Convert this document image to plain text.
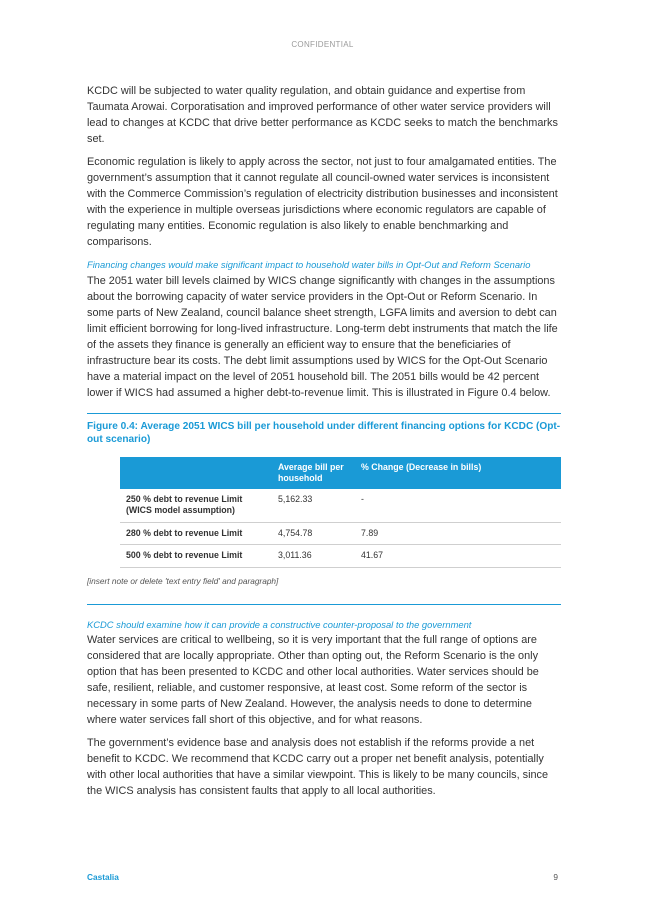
CONFIDENTIAL

KCDC will be subjected to water quality regulation, and obtain guidance and expertise from Taumata Arowai. Corporatisation and improved performance of other water service providers will lead to changes at KCDC that drive better performance as KCDC seeks to match the benchmarks set.

Economic regulation is likely to apply across the sector, not just to four amalgamated entities. The government’s assumption that it cannot regulate all council-owned water services is inconsistent with the Commerce Commission’s regulation of electricity distribution businesses and inconsistent with the experience in multiple overseas jurisdictions where economic regulators are capable of regulating many entities. Economic regulation is also likely to enable benchmarking and comparisons.

Financing changes would make significant impact to household water bills in Opt-Out and Reform Scenario

The 2051 water bill levels claimed by WICS change significantly with changes in the assumptions about the borrowing capacity of water service providers in the Opt-Out or Reform Scenario. In some parts of New Zealand, council balance sheet strength, LGFA limits and aversion to debt can limit efficient borrowing for long-lived infrastructure. Long-term debt instruments that match the life of the assets they finance is generally an efficient way to ensure that the beneficiaries of infrastructure bear its costs. The debt limit assumptions used by WICS for the Opt-Out Scenario have a material impact on the level of 2051 household bill. The 2051 bills would be 42 percent lower if WICS had assumed a higher debt-to-revenue limit. This is illustrated in Figure 0.4 below.

Figure 0.4: Average 2051 WICS bill per household under different financing options for KCDC (Opt-out scenario)
	Average bill per household	% Change (Decrease in bills)
250 % debt to revenue Limit (WICS model assumption)	5,162.33	-
280 % debt to revenue Limit	4,754.78	7.89
500 % debt to revenue Limit	3,011.36	41.67
[insert note or delete 'text entry field' and paragraph]
KCDC should examine how it can provide a constructive counter-proposal to the government

Water services are critical to wellbeing, so it is very important that the full range of options are considered that are locally appropriate. Other than opting out, the Reform Scenario is the only option that has been presented to KCDC and other local authorities. Water services should be safe, resilient, reliable, and customer responsive, at least cost. Some reform of the sector is necessary in some parts of New Zealand. However, the analysis needs to done to determine where water services fall short of this objective, and for what reasons.

The government’s evidence base and analysis does not establish if the reforms provide a net benefit to KCDC. We recommend that KCDC carry out a proper net benefit analysis, potentially with other local authorities that have a similar viewpoint. This is likely to be many councils, since the WICS analysis has consistent faults that apply to all local authorities.

Castalia	9
